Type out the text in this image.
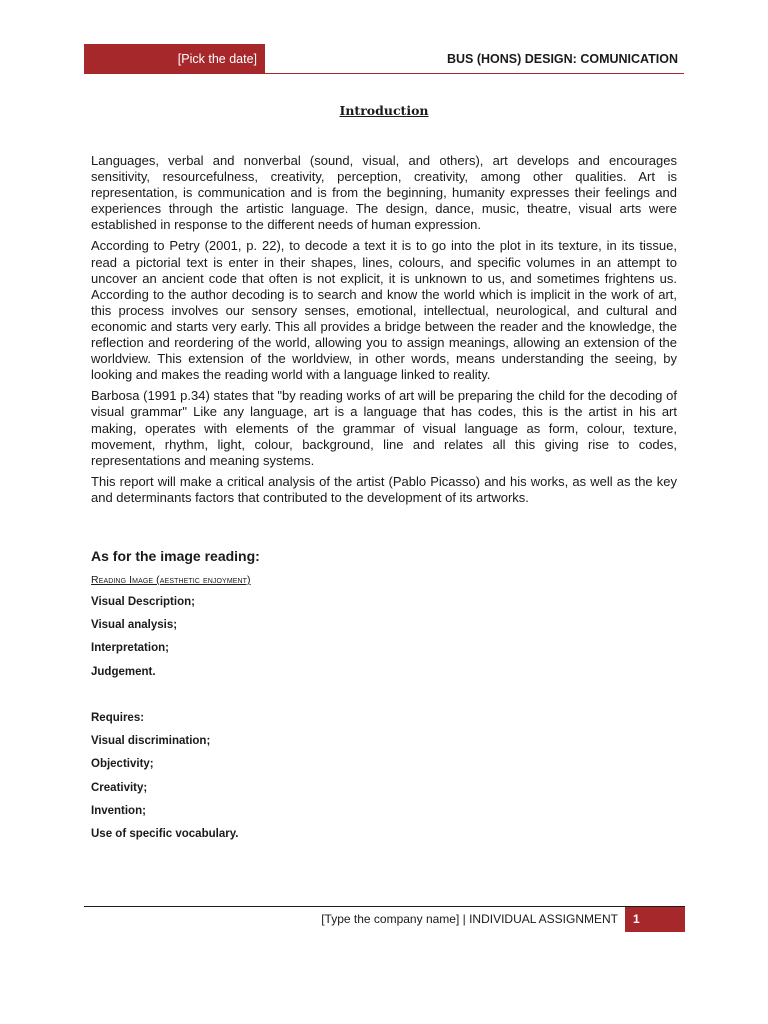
[Pick the date]	BUS (HONS) DESIGN: COMUNICATION
Introduction

Languages, verbal and nonverbal (sound, visual, and others), art develops and encourages sensitivity, resourcefulness, creativity, perception, creativity, among other qualities. Art is representation, is communication and is from the beginning, humanity expresses their feelings and experiences through the artistic language. The design, dance, music, theatre, visual arts were established in response to the different needs of human expression.

According to Petry (2001, p. 22), to decode a text it is to go into the plot in its texture, in its tissue, read a pictorial text is enter in their shapes, lines, colours, and specific volumes in an attempt to uncover an ancient code that often is not explicit, it is unknown to us, and sometimes frightens us. According to the author decoding is to search and know the world which is implicit in the work of art, this process involves our sensory senses, emotional, intellectual, neurological, and cultural and economic and starts very early. This all provides a bridge between the reader and the knowledge, the reflection and reordering of the world, allowing you to assign meanings, allowing an extension of the worldview. This extension of the worldview, in other words, means understanding the seeing, by looking and makes the reading world with a language linked to reality.

Barbosa (1991 p.34) states that "by reading works of art will be preparing the child for the decoding of visual grammar" Like any language, art is a language that has codes, this is the artist in his art making, operates with elements of the grammar of visual language as form, colour, texture, movement, rhythm, light, colour, background, line and relates all this giving rise to codes, representations and meaning systems.

This report will make a critical analysis of the artist (Pablo Picasso) and his works, as well as the key and determinants factors that contributed to the development of its artworks.

As for the image reading:
Reading Image (aesthetic enjoyment)
Visual Description;
Visual analysis;
Interpretation;
Judgement.
Requires:
Visual discrimination;
Objectivity;
Creativity;
Invention;
Use of specific vocabulary.
[Type the company name] | INDIVIDUAL ASSIGNMENT	1
